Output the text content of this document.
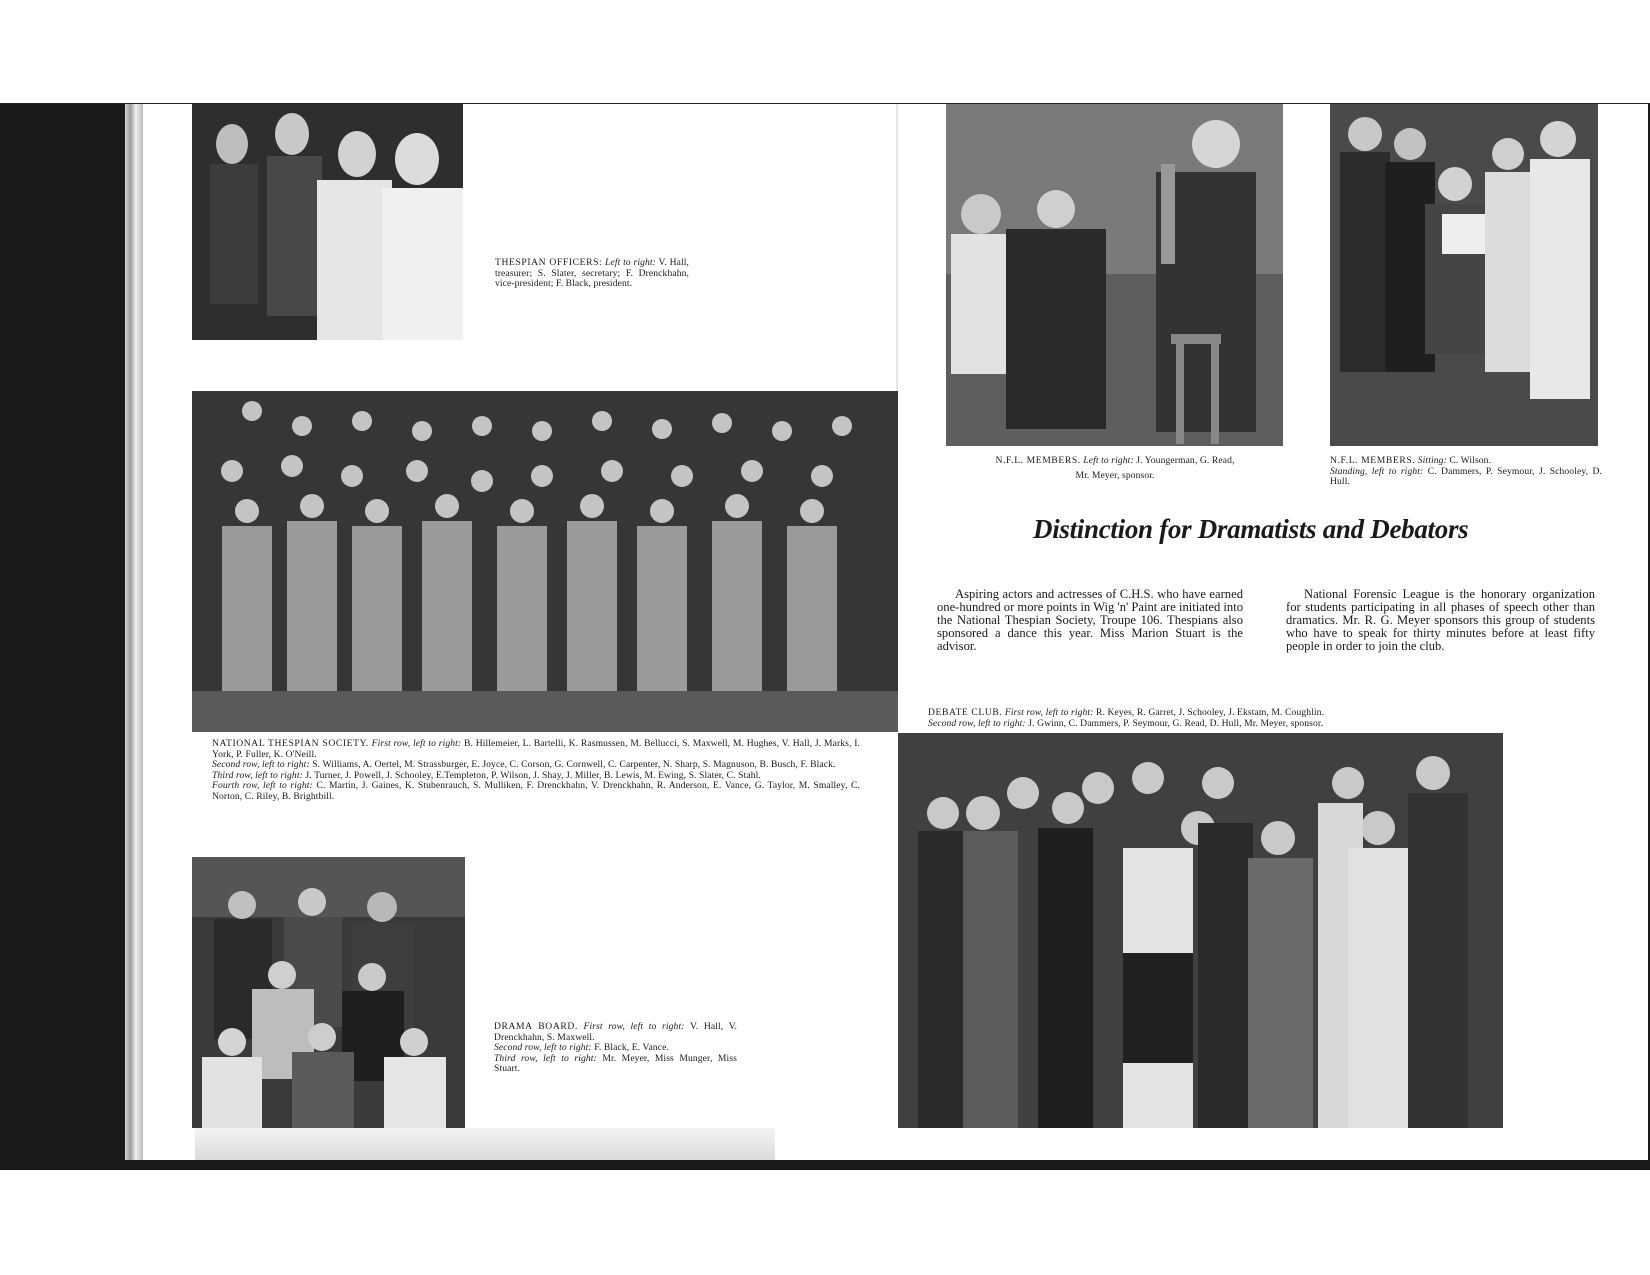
THESPIAN OFFICERS: Left to right: V. Hall, treasurer; S. Slater, secretary; F. Drenckhahn, vice-president; F. Black, president.
NATIONAL THESPIAN SOCIETY. First row, left to right: B. Hillemeier, L. Bartelli, K. Rasmussen, M. Bellucci, S. Maxwell, M. Hughes, V. Hall, J. Marks, I. York, P. Fuller, K. O'Neill.
Second row, left to right: S. Williams, A. Oertel, M. Strassburger, E. Joyce, C. Corson, G. Cornwell, C. Carpenter, N. Sharp, S. Magnuson, B. Busch, F. Black.
Third row, left to right: J. Turner, J. Powell, J. Schooley, E.Templeton, P. Wilson, J. Shay, J. Miller, B. Lewis, M. Ewing, S. Slater, C. Stahl.
Fourth row, left to right: C. Martin, J. Gaines, K. Stubenrauch, S. Mulliken, F. Drenckhahn, V. Drenckhahn, R. Anderson, E. Vance, G. Taylor, M. Smalley, C. Norton, C. Riley, B. Brightbill.
DRAMA BOARD. First row, left to right: V. Hall, V. Drenckhahn, S. Maxwell.
Second row, left to right: F. Black, E. Vance.
Third row, left to right: Mr. Meyer, Miss Munger, Miss Stuart.
N.F.L. MEMBERS. Left to right: J. Youngerman, G. Read,
Mr. Meyer, sponsor.
N.F.L. MEMBERS. Sitting: C. Wilson.
Standing, left to right: C. Dammers, P. Seymour, J. Schooley, D. Hull.
Distinction for Dramatists and Debators
Aspiring actors and actresses of C.H.S. who have earned one-hundred or more points in Wig 'n' Paint are initiated into the National Thespian Society, Troupe 106. Thespians also sponsored a dance this year. Miss Marion Stuart is the advisor.
National Forensic League is the honorary organization for students participating in all phases of speech other than dramatics. Mr. R. G. Meyer sponsors this group of students who have to speak for thirty minutes before at least fifty people in order to join the club.
DEBATE CLUB. First row, left to right: R. Keyes, R. Garret, J. Schooley, J. Ekstam, M. Coughlin.
Second row, left to right: J. Gwinn, C. Dammers, P. Seymour, G. Read, D. Hull, Mr. Meyer, sponsor.
